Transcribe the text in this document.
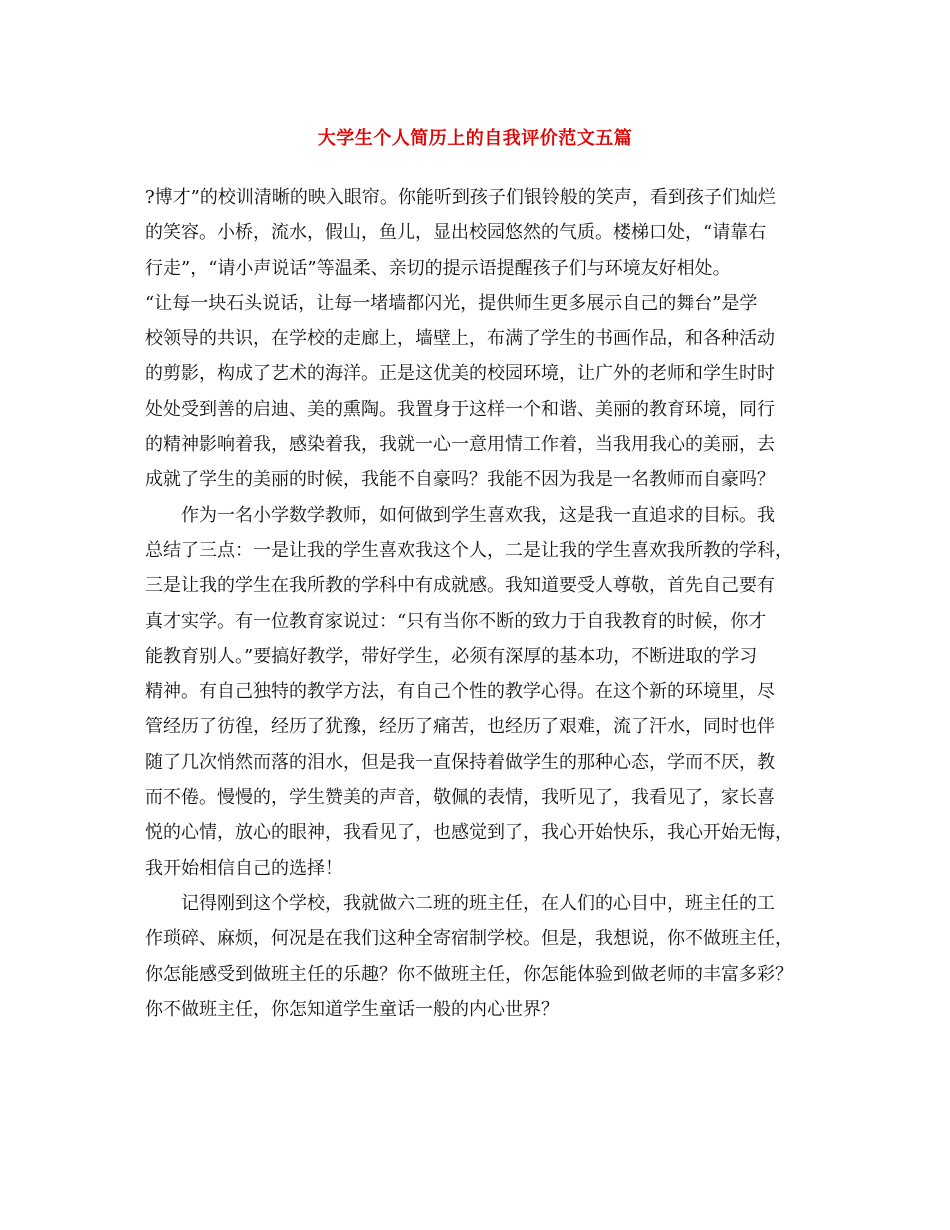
大学生个人简历上的自我评价范文五篇
?博才”的校训清晰的映入眼帘。你能听到孩子们银铃般的笑声，看到孩子们灿烂
的笑容。小桥，流水，假山，鱼儿，显出校园悠然的气质。楼梯口处，“请靠右
行走”，“请小声说话”等温柔、亲切的提示语提醒孩子们与环境友好相处。
“让每一块石头说话，让每一堵墙都闪光，提供师生更多展示自己的舞台”是学
校领导的共识，在学校的走廊上，墙壁上，布满了学生的书画作品，和各种活动
的剪影，构成了艺术的海洋。正是这优美的校园环境，让广外的老师和学生时时
处处受到善的启迪、美的熏陶。我置身于这样一个和谐、美丽的教育环境，同行
的精神影响着我，感染着我，我就一心一意用情工作着，当我用我心的美丽，去
成就了学生的美丽的时候，我能不自豪吗？我能不因为我是一名教师而自豪吗？
　　作为一名小学数学教师，如何做到学生喜欢我，这是我一直追求的目标。我
总结了三点：一是让我的学生喜欢我这个人，二是让我的学生喜欢我所教的学科，
三是让我的学生在我所教的学科中有成就感。我知道要受人尊敬，首先自己要有
真才实学。有一位教育家说过：“只有当你不断的致力于自我教育的时候，你才
能教育别人。”要搞好教学，带好学生，必须有深厚的基本功，不断进取的学习
精神。有自己独特的教学方法，有自己个性的教学心得。在这个新的环境里，尽
管经历了彷徨，经历了犹豫，经历了痛苦，也经历了艰难，流了汗水，同时也伴
随了几次悄然而落的泪水，但是我一直保持着做学生的那种心态，学而不厌，教
而不倦。慢慢的，学生赞美的声音，敬佩的表情，我听见了，我看见了，家长喜
悦的心情，放心的眼神，我看见了，也感觉到了，我心开始快乐，我心开始无悔，
我开始相信自己的选择！
　　记得刚到这个学校，我就做六二班的班主任，在人们的心目中，班主任的工
作琐碎、麻烦，何况是在我们这种全寄宿制学校。但是，我想说，你不做班主任，
你怎能感受到做班主任的乐趣？你不做班主任，你怎能体验到做老师的丰富多彩？
你不做班主任，你怎知道学生童话一般的内心世界？
